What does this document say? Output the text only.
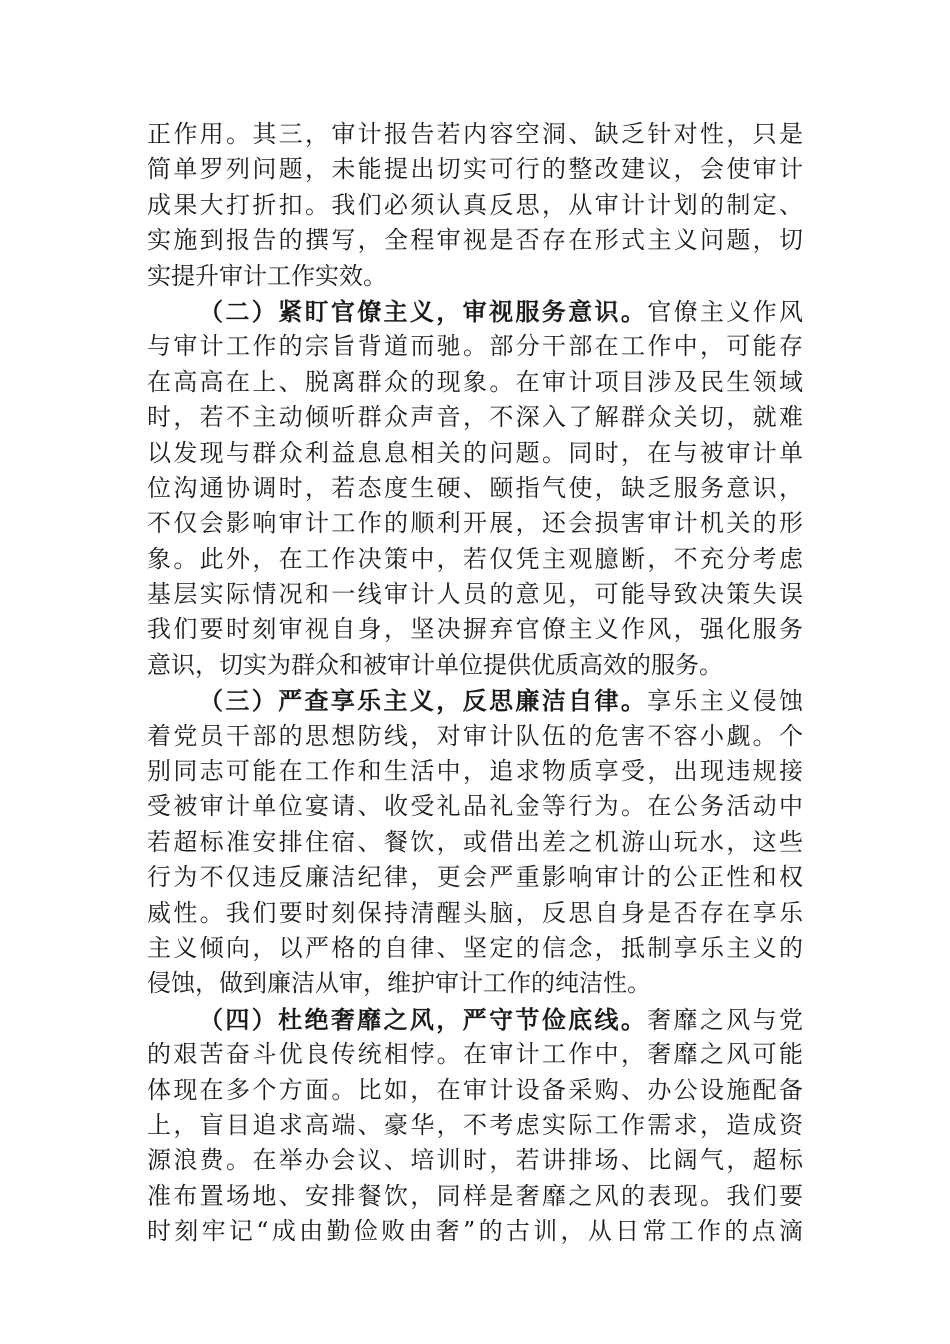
正作用。其三，审计报告若内容空洞、缺乏针对性，只是
简单罗列问题，未能提出切实可行的整改建议，会使审计
成果大打折扣。我们必须认真反思，从审计计划的制定、
实施到报告的撰写，全程审视是否存在形式主义问题，切
实提升审计工作实效。
（二）紧盯官僚主义，审视服务意识。官僚主义作风
与审计工作的宗旨背道而驰。部分干部在工作中，可能存
在高高在上、脱离群众的现象。在审计项目涉及民生领域
时，若不主动倾听群众声音，不深入了解群众关切，就难
以发现与群众利益息息相关的问题。同时，在与被审计单
位沟通协调时，若态度生硬、颐指气使，缺乏服务意识，
不仅会影响审计工作的顺利开展，还会损害审计机关的形
象。此外，在工作决策中，若仅凭主观臆断，不充分考虑
基层实际情况和一线审计人员的意见，可能导致决策失误
我们要时刻审视自身，坚决摒弃官僚主义作风，强化服务
意识，切实为群众和被审计单位提供优质高效的服务。
（三）严查享乐主义，反思廉洁自律。享乐主义侵蚀
着党员干部的思想防线，对审计队伍的危害不容小觑。个
别同志可能在工作和生活中，追求物质享受，出现违规接
受被审计单位宴请、收受礼品礼金等行为。在公务活动中
若超标准安排住宿、餐饮，或借出差之机游山玩水，这些
行为不仅违反廉洁纪律，更会严重影响审计的公正性和权
威性。我们要时刻保持清醒头脑，反思自身是否存在享乐
主义倾向，以严格的自律、坚定的信念，抵制享乐主义的
侵蚀，做到廉洁从审，维护审计工作的纯洁性。
（四）杜绝奢靡之风，严守节俭底线。奢靡之风与党
的艰苦奋斗优良传统相悖。在审计工作中，奢靡之风可能
体现在多个方面。比如，在审计设备采购、办公设施配备
上，盲目追求高端、豪华，不考虑实际工作需求，造成资
源浪费。在举办会议、培训时，若讲排场、比阔气，超标
准布置场地、安排餐饮，同样是奢靡之风的表现。我们要
时刻牢记“成由勤俭败由奢”的古训，从日常工作的点滴
